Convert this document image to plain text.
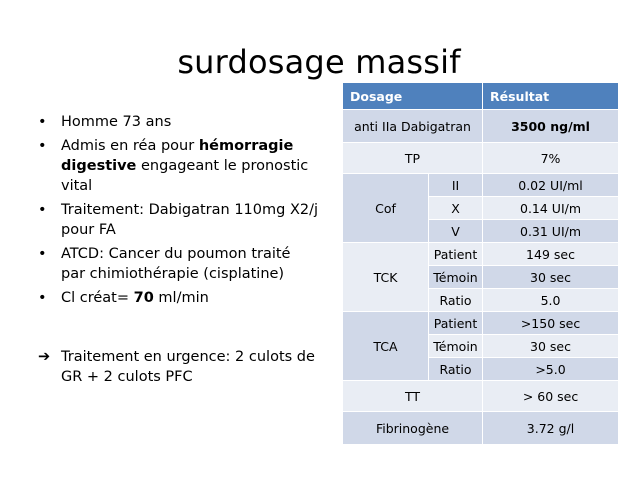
surdosage massif
• Homme 73 ans
• Admis en réa pour hémorragie digestive engageant le pronostic vital
• Traitement: Dabigatran 110mg X2/j pour FA
• ATCD: Cancer du poumon traité par chimiothérapie (cisplatine)
• Cl créat= 70 ml/min
➔ Traitement en urgence: 2 culots de GR + 2 culots PFC
Dosage		Résultat
anti IIa Dabigatran		3500 ng/ml
TP		7%
Cof	II	0.02 UI/ml
	X	0.14 UI/m
	V	0.31 UI/m
TCK	Patient	149 sec
	Témoin	30 sec
	Ratio	5.0
TCA	Patient	>150 sec
	Témoin	30 sec
	Ratio	>5.0
TT		> 60 sec
Fibrinogène		3.72 g/l
